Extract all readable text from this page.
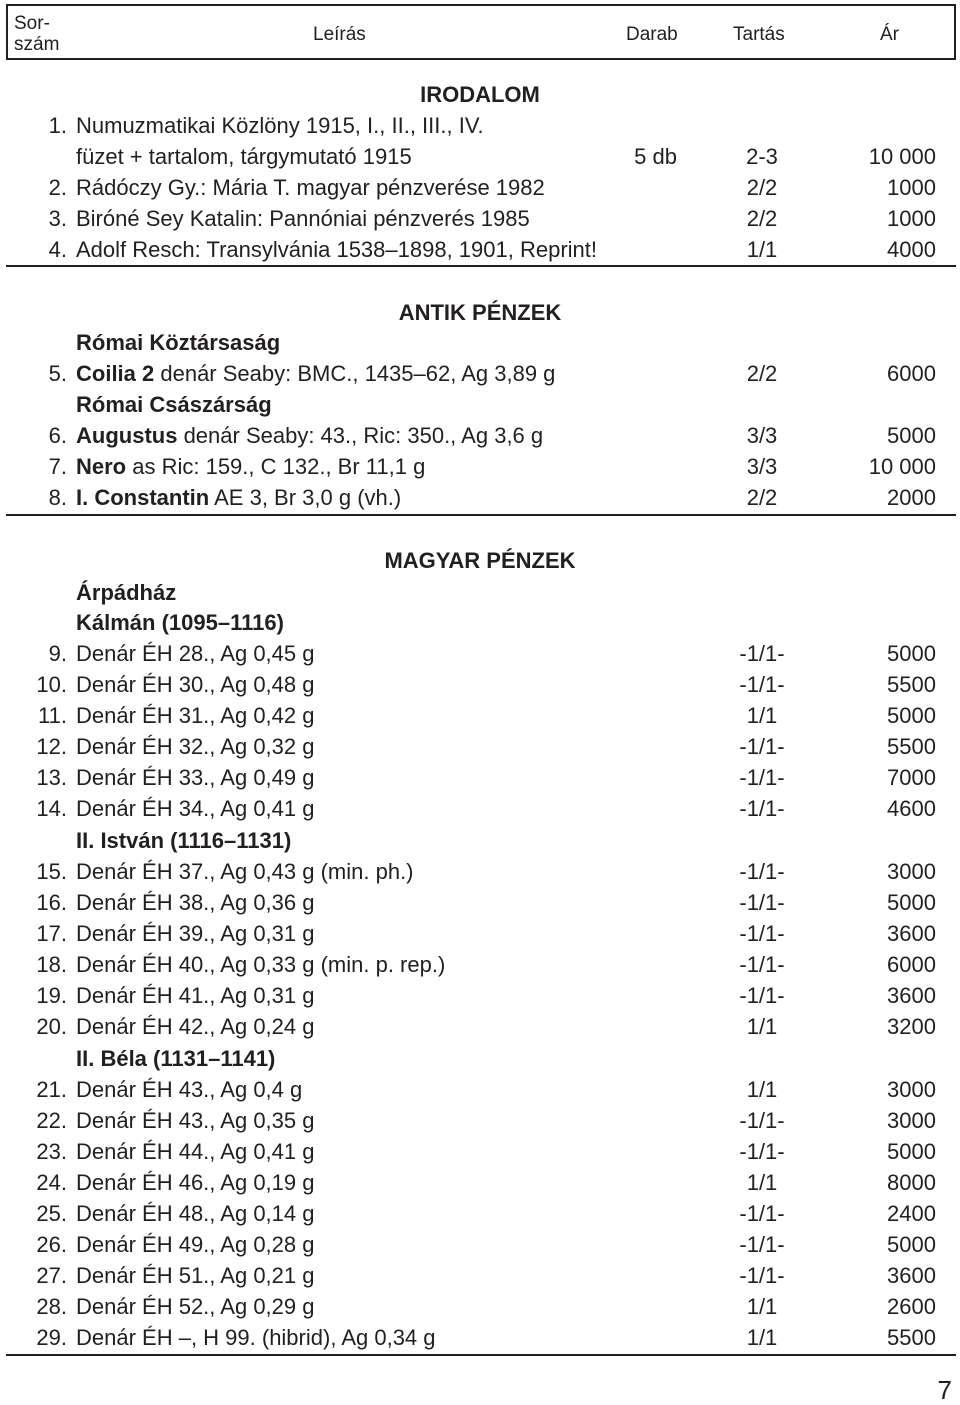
Sor-
szám	Leírás	Darab	Tartás	Ár
IRODALOM
1. Numuzmatikai Közlöny 1915, I., II., III., IV.
füzet + tartalom, tárgymutató 1915	5 db	2-3	10 000
2. Rádóczy Gy.: Mária T. magyar pénzverése 1982	2/2	1000
3. Biróné Sey Katalin: Pannóniai pénzverés 1985	2/2	1000
4. Adolf Resch: Transylvánia 1538–1898, 1901, Reprint!	1/1	4000
ANTIK PÉNZEK
Római Köztársaság
5. Coilia 2 denár Seaby: BMC., 1435–62, Ag 3,89 g	2/2	6000
Római Császárság
6. Augustus denár Seaby: 43., Ric: 350., Ag 3,6 g	3/3	5000
7. Nero as Ric: 159., C 132., Br 11,1 g	3/3	10 000
8. I. Constantin AE 3, Br 3,0 g (vh.)	2/2	2000
MAGYAR PÉNZEK
Árpádház
Kálmán (1095–1116)
9. Denár ÉH 28., Ag 0,45 g	-1/1-	5000
10. Denár ÉH 30., Ag 0,48 g	-1/1-	5500
11. Denár ÉH 31., Ag 0,42 g	1/1	5000
12. Denár ÉH 32., Ag 0,32 g	-1/1-	5500
13. Denár ÉH 33., Ag 0,49 g	-1/1-	7000
14. Denár ÉH 34., Ag 0,41 g	-1/1-	4600
II. István (1116–1131)
15. Denár ÉH 37., Ag 0,43 g (min. ph.)	-1/1-	3000
16. Denár ÉH 38., Ag 0,36 g	-1/1-	5000
17. Denár ÉH 39., Ag 0,31 g	-1/1-	3600
18. Denár ÉH 40., Ag 0,33 g (min. p. rep.)	-1/1-	6000
19. Denár ÉH 41., Ag 0,31 g	-1/1-	3600
20. Denár ÉH 42., Ag 0,24 g	1/1	3200
II. Béla (1131–1141)
21. Denár ÉH 43., Ag 0,4 g	1/1	3000
22. Denár ÉH 43., Ag 0,35 g	-1/1-	3000
23. Denár ÉH 44., Ag 0,41 g	-1/1-	5000
24. Denár ÉH 46., Ag 0,19 g	1/1	8000
25. Denár ÉH 48., Ag 0,14 g	-1/1-	2400
26. Denár ÉH 49., Ag 0,28 g	-1/1-	5000
27. Denár ÉH 51., Ag 0,21 g	-1/1-	3600
28. Denár ÉH 52., Ag 0,29 g	1/1	2600
29. Denár ÉH –, H 99. (hibrid), Ag 0,34 g	1/1	5500
7
